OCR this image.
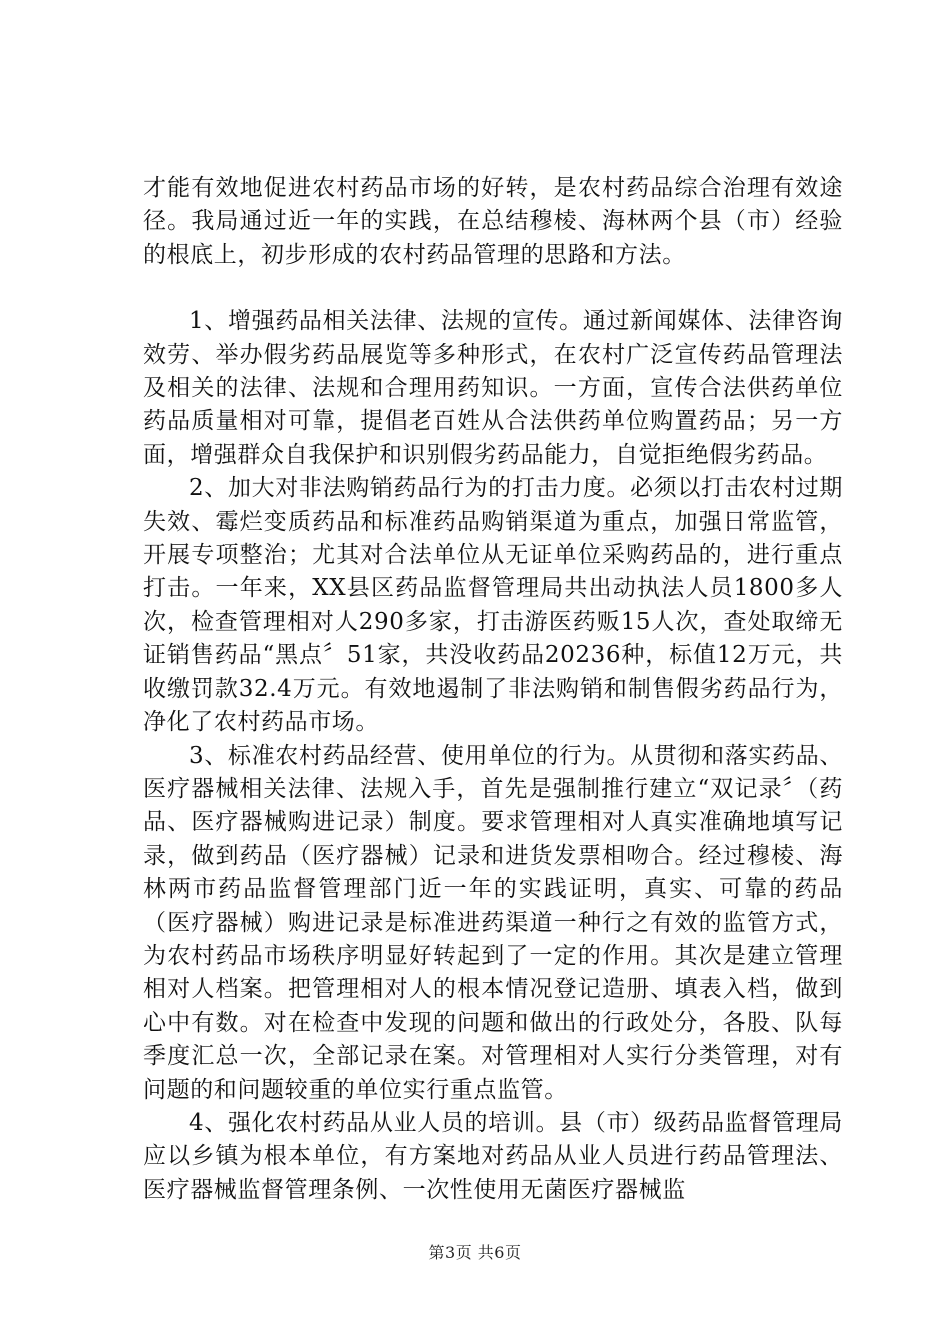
才能有效地促进农村药品市场的好转，是农村药品综合治理有效途径。我局通过近一年的实践，在总结穆棱、海林两个县（市）经验的根底上，初步形成的农村药品管理的思路和方法。

1、增强药品相关法律、法规的宣传。通过新闻媒体、法律咨询效劳、举办假劣药品展览等多种形式，在农村广泛宣传药品管理法及相关的法律、法规和合理用药知识。一方面，宣传合法供药单位药品质量相对可靠，提倡老百姓从合法供药单位购置药品；另一方面，增强群众自我保护和识别假劣药品能力，自觉拒绝假劣药品。

2、加大对非法购销药品行为的打击力度。必须以打击农村过期失效、霉烂变质药品和标准药品购销渠道为重点，加强日常监管，开展专项整治；尤其对合法单位从无证单位采购药品的，进行重点打击。一年来，XX县区药品监督管理局共出动执法人员1800多人次，检查管理相对人290多家，打击游医药贩15人次，查处取缔无证销售药品“黑点〞51家，共没收药品20236种，标值12万元，共收缴罚款32.4万元。有效地遏制了非法购销和制售假劣药品行为，净化了农村药品市场。

3、标准农村药品经营、使用单位的行为。从贯彻和落实药品、医疗器械相关法律、法规入手，首先是强制推行建立“双记录〞（药品、医疗器械购进记录）制度。要求管理相对人真实准确地填写记录，做到药品（医疗器械）记录和进货发票相吻合。经过穆棱、海林两市药品监督管理部门近一年的实践证明，真实、可靠的药品（医疗器械）购进记录是标准进药渠道一种行之有效的监管方式，为农村药品市场秩序明显好转起到了一定的作用。其次是建立管理相对人档案。把管理相对人的根本情况登记造册、填表入档，做到心中有数。对在检查中发现的问题和做出的行政处分，各股、队每季度汇总一次，全部记录在案。对管理相对人实行分类管理，对有问题的和问题较重的单位实行重点监管。

4、强化农村药品从业人员的培训。县（市）级药品监督管理局应以乡镇为根本单位，有方案地对药品从业人员进行药品管理法、医疗器械监督管理条例、一次性使用无菌医疗器械监

第3页 共6页
